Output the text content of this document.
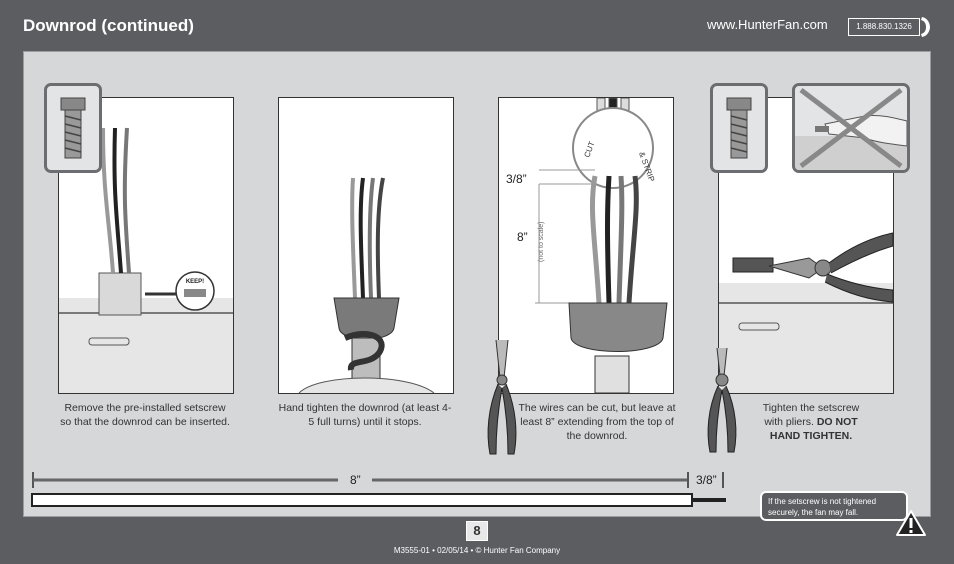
Downrod (continued)	www.HunterFan.com	1.888.830.1326
KEEP!
Remove the pre-installed setscrew so that the downrod can be inserted.
Hand tighten the downrod (at least 4-5 full turns) until it stops.
CUT
& STRIP
3/8”
8” (not to scale)
The wires can be cut, but leave at least 8” extending from the top of the downrod.
Tighten the setscrew with pliers. DO NOT HAND TIGHTEN.
8”	3/8”
If the setscrew is not tightened securely, the fan may fall.
8
M3555-01 • 02/05/14 • © Hunter Fan Company
